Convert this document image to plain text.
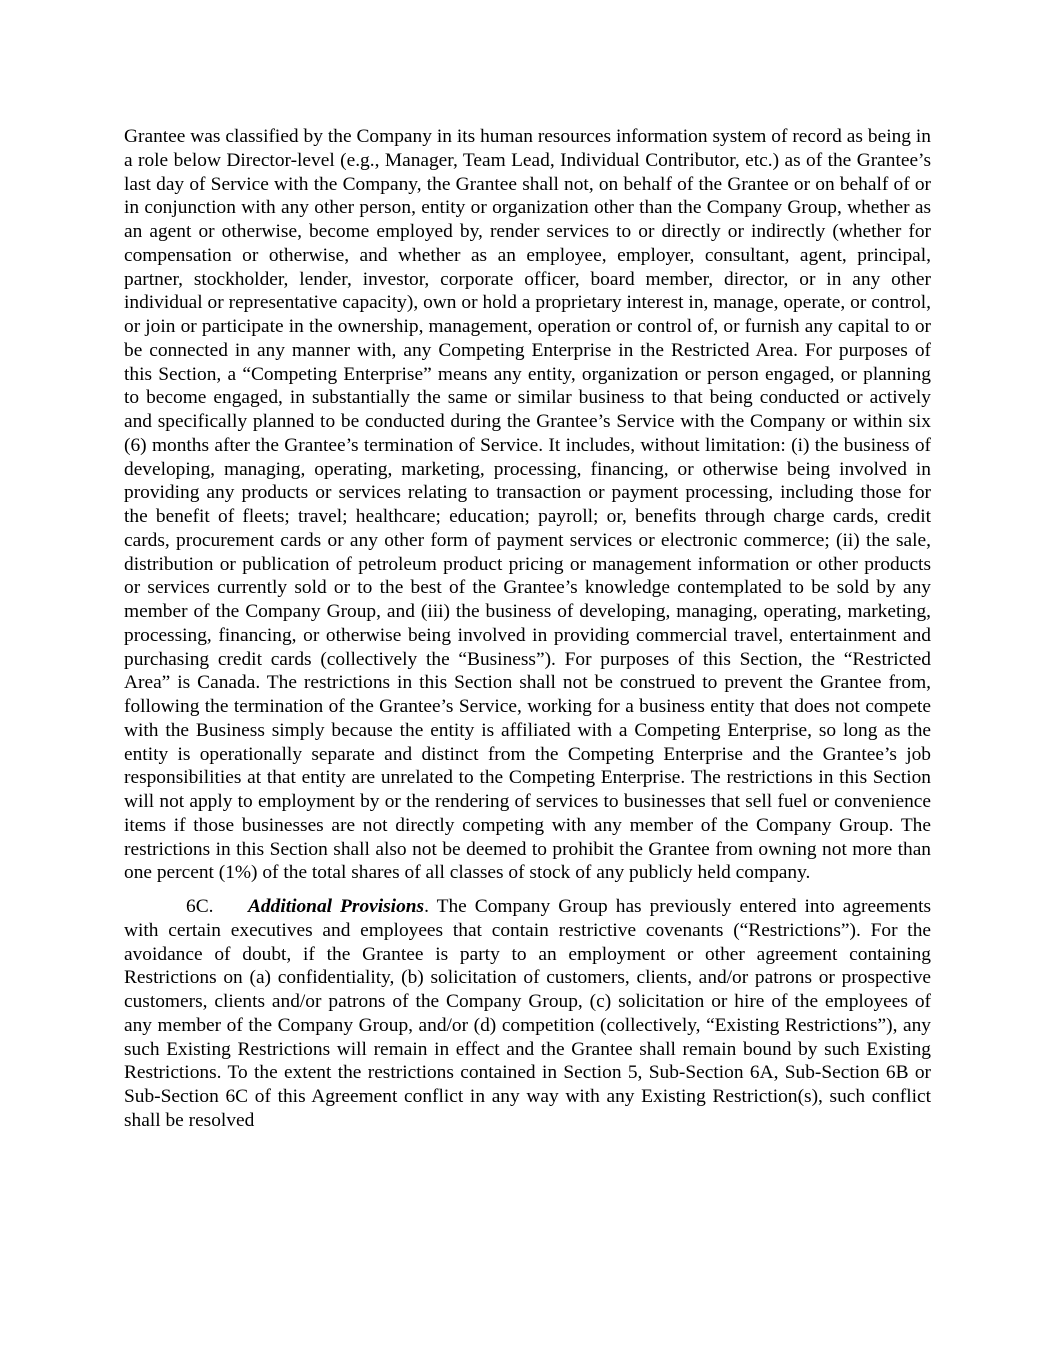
Grantee was classified by the Company in its human resources information system of record as being in a role below Director-level (e.g., Manager, Team Lead, Individual Contributor, etc.) as of the Grantee’s last day of Service with the Company, the Grantee shall not, on behalf of the Grantee or on behalf of or in conjunction with any other person, entity or organization other than the Company Group, whether as an agent or otherwise, become employed by, render services to or directly or indirectly (whether for compensation or otherwise, and whether as an employee, employer, consultant, agent, principal, partner, stockholder, lender, investor, corporate officer, board member, director, or in any other individual or representative capacity), own or hold a proprietary interest in, manage, operate, or control, or join or participate in the ownership, management, operation or control of, or furnish any capital to or be connected in any manner with, any Competing Enterprise in the Restricted Area. For purposes of this Section, a “Competing Enterprise” means any entity, organization or person engaged, or planning to become engaged, in substantially the same or similar business to that being conducted or actively and specifically planned to be conducted during the Grantee’s Service with the Company or within six (6) months after the Grantee’s termination of Service. It includes, without limitation: (i) the business of developing, managing, operating, marketing, processing, financing, or otherwise being involved in providing any products or services relating to transaction or payment processing, including those for the benefit of fleets; travel; healthcare; education; payroll; or, benefits through charge cards, credit cards, procurement cards or any other form of payment services or electronic commerce; (ii) the sale, distribution or publication of petroleum product pricing or management information or other products or services currently sold or to the best of the Grantee’s knowledge contemplated to be sold by any member of the Company Group, and (iii) the business of developing, managing, operating, marketing, processing, financing, or otherwise being involved in providing commercial travel, entertainment and purchasing credit cards (collectively the “Business”). For purposes of this Section, the “Restricted Area” is Canada. The restrictions in this Section shall not be construed to prevent the Grantee from, following the termination of the Grantee’s Service, working for a business entity that does not compete with the Business simply because the entity is affiliated with a Competing Enterprise, so long as the entity is operationally separate and distinct from the Competing Enterprise and the Grantee’s job responsibilities at that entity are unrelated to the Competing Enterprise. The restrictions in this Section will not apply to employment by or the rendering of services to businesses that sell fuel or convenience items if those businesses are not directly competing with any member of the Company Group. The restrictions in this Section shall also not be deemed to prohibit the Grantee from owning not more than one percent (1%) of the total shares of all classes of stock of any publicly held company.

6C. Additional Provisions. The Company Group has previously entered into agreements with certain executives and employees that contain restrictive covenants (“Restrictions”). For the avoidance of doubt, if the Grantee is party to an employment or other agreement containing Restrictions on (a) confidentiality, (b) solicitation of customers, clients, and/or patrons or prospective customers, clients and/or patrons of the Company Group, (c) solicitation or hire of the employees of any member of the Company Group, and/or (d) competition (collectively, “Existing Restrictions”), any such Existing Restrictions will remain in effect and the Grantee shall remain bound by such Existing Restrictions. To the extent the restrictions contained in Section 5, Sub-Section 6A, Sub-Section 6B or Sub-Section 6C of this Agreement conflict in any way with any Existing Restriction(s), such conflict shall be resolved
